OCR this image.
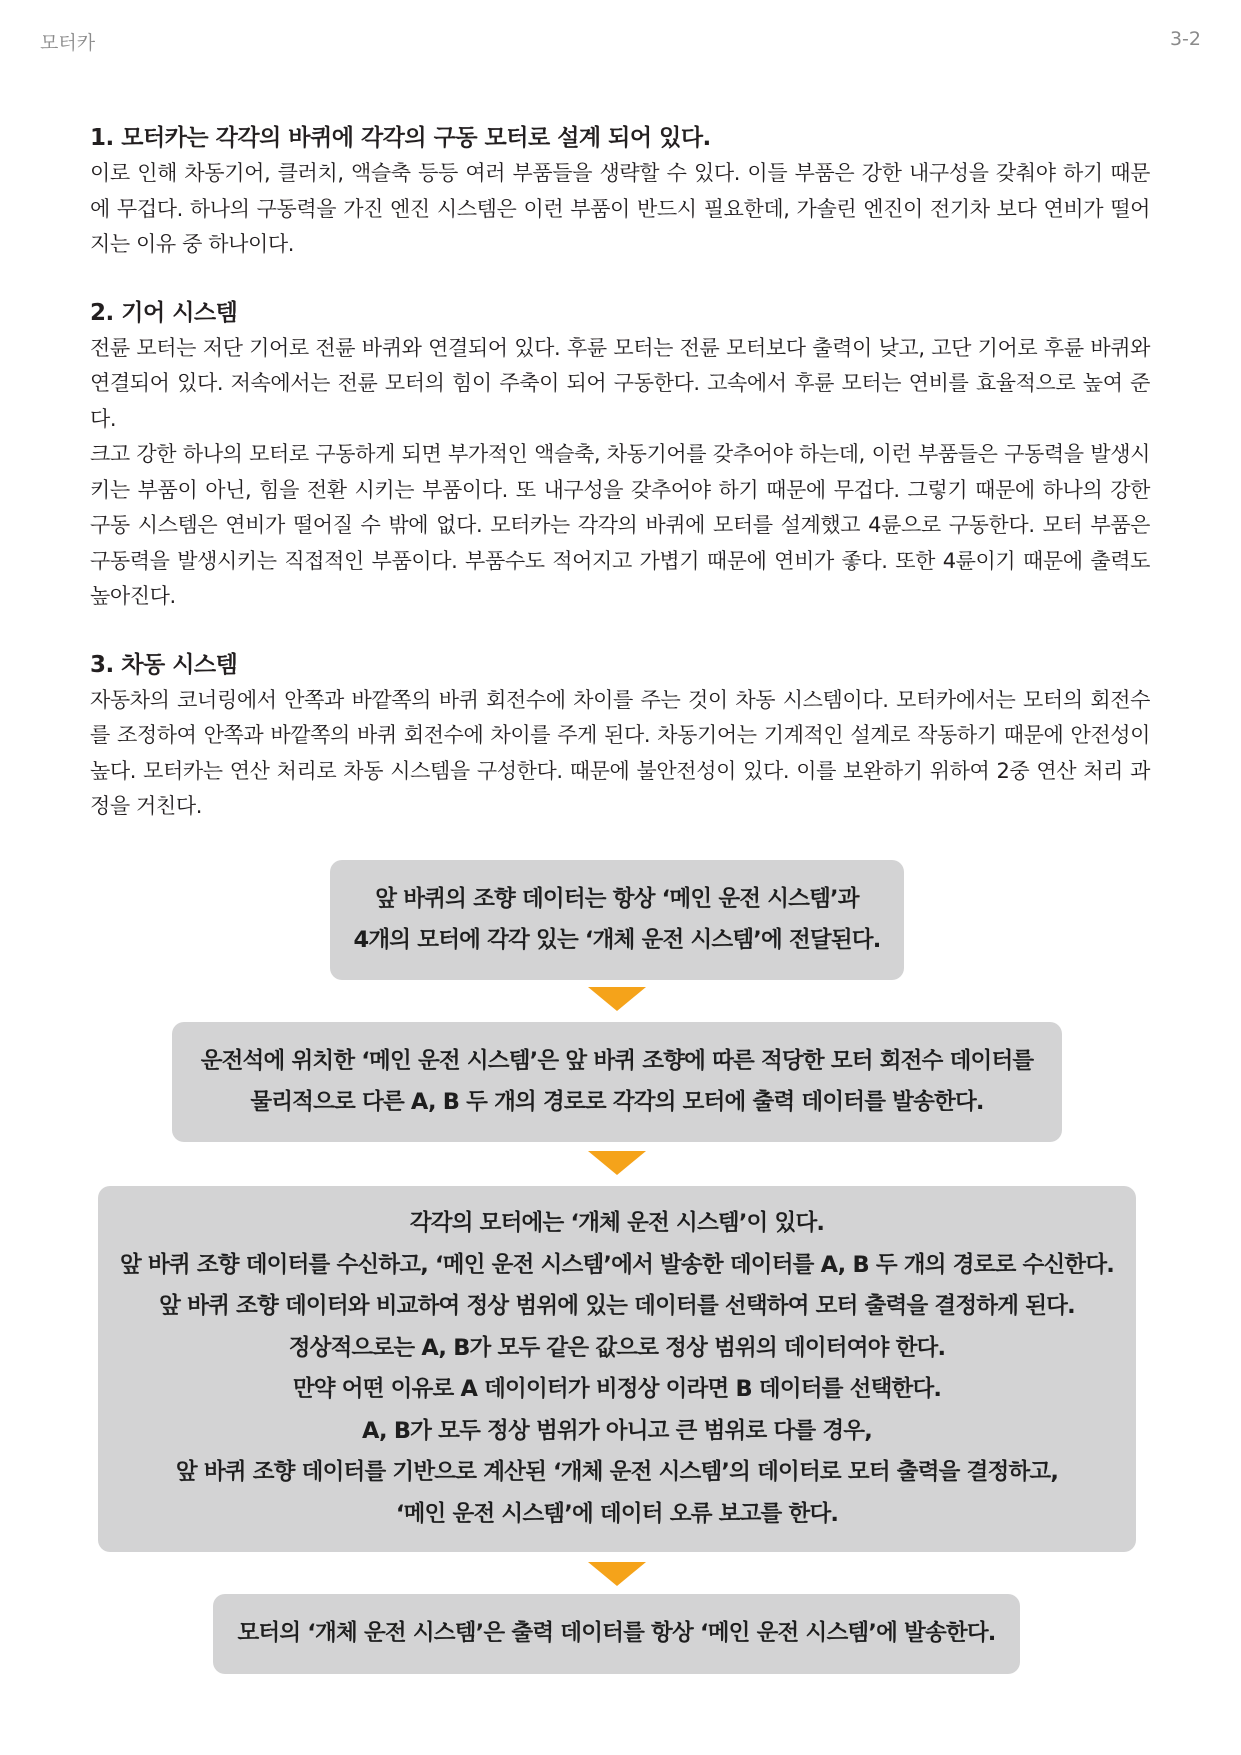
모터카	3-2
1. 모터카는 각각의 바퀴에 각각의 구동 모터로 설계 되어 있다.

이로 인해 차동기어, 클러치, 액슬축 등등 여러 부품들을 생략할 수 있다. 이들 부품은 강한 내구성을 갖춰야 하기 때문에 무겁다. 하나의 구동력을 가진 엔진 시스템은 이런 부품이 반드시 필요한데, 가솔린 엔진이 전기차 보다 연비가 떨어지는 이유 중 하나이다.

2. 기어 시스템

전륜 모터는 저단 기어로 전륜 바퀴와 연결되어 있다. 후륜 모터는 전륜 모터보다 출력이 낮고, 고단 기어로 후륜 바퀴와 연결되어 있다. 저속에서는 전륜 모터의 힘이 주축이 되어 구동한다. 고속에서 후륜 모터는 연비를 효율적으로 높여 준다.

크고 강한 하나의 모터로 구동하게 되면 부가적인 액슬축, 차동기어를 갖추어야 하는데, 이런 부품들은 구동력을 발생시키는 부품이 아닌, 힘을 전환 시키는 부품이다. 또 내구성을 갖추어야 하기 때문에 무겁다. 그렇기 때문에 하나의 강한 구동 시스템은 연비가 떨어질 수 밖에 없다. 모터카는 각각의 바퀴에 모터를 설계했고 4륜으로 구동한다. 모터 부품은 구동력을 발생시키는 직접적인 부품이다. 부품수도 적어지고 가볍기 때문에 연비가 좋다. 또한 4륜이기 때문에 출력도 높아진다.

3. 차동 시스템

자동차의 코너링에서 안쪽과 바깥쪽의 바퀴 회전수에 차이를 주는 것이 차동 시스템이다. 모터카에서는 모터의 회전수를 조정하여 안쪽과 바깥쪽의 바퀴 회전수에 차이를 주게 된다. 차동기어는 기계적인 설계로 작동하기 때문에 안전성이 높다. 모터카는 연산 처리로 차동 시스템을 구성한다. 때문에 불안전성이 있다. 이를 보완하기 위하여 2중 연산 처리 과정을 거친다.

앞 바퀴의 조향 데이터는 항상 ‘메인 운전 시스템’과
4개의 모터에 각각 있는 ‘개체 운전 시스템’에 전달된다.
운전석에 위치한 ‘메인 운전 시스템’은 앞 바퀴 조향에 따른 적당한 모터 회전수 데이터를
물리적으로 다른 A, B 두 개의 경로로 각각의 모터에 출력 데이터를 발송한다.
각각의 모터에는 ‘개체 운전 시스템’이 있다.
앞 바퀴 조향 데이터를 수신하고, ‘메인 운전 시스템’에서 발송한 데이터를 A, B 두 개의 경로로 수신한다.
앞 바퀴 조향 데이터와 비교하여 정상 범위에 있는 데이터를 선택하여 모터 출력을 결정하게 된다.
정상적으로는 A, B가 모두 같은 값으로 정상 범위의 데이터여야 한다.
만약 어떤 이유로 A 데이이터가 비정상 이라면 B 데이터를 선택한다.
A, B가 모두 정상 범위가 아니고 큰 범위로 다를 경우,
앞 바퀴 조향 데이터를 기반으로 계산된 ‘개체 운전 시스템’의 데이터로 모터 출력을 결정하고,
‘메인 운전 시스템’에 데이터 오류 보고를 한다.
모터의 ‘개체 운전 시스템’은 출력 데이터를 항상 ‘메인 운전 시스템’에 발송한다.
